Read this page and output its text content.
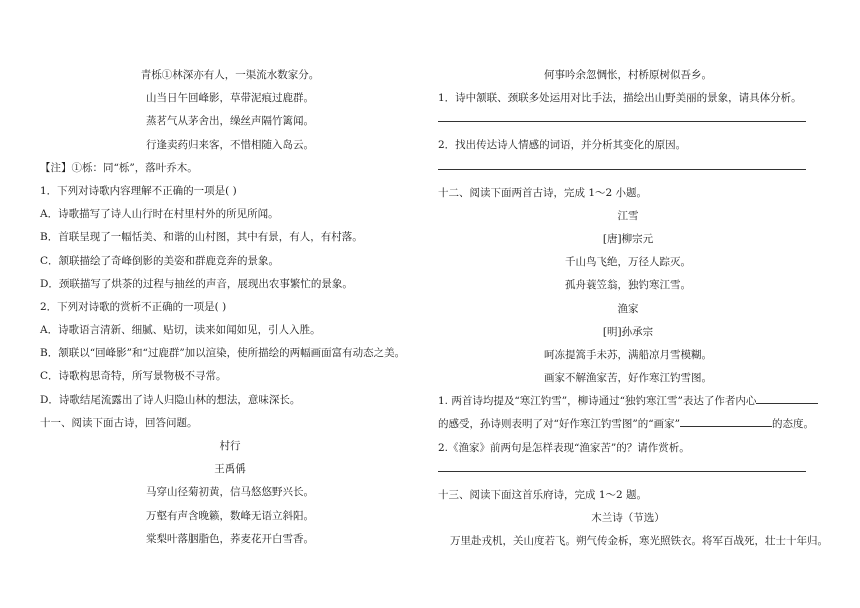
青栎①林深亦有人，一渠流水数家分。
山当日午回峰影，草带泥痕过鹿群。
蒸茗气从茅舍出，缲丝声隔竹篱闻。
行逢卖药归来客，不惜相随入岛云。
【注】①栎：同“栎”，落叶乔木。
1．下列对诗歌内容理解不正确的一项是( )
A．诗歌描写了诗人山行时在村里村外的所见所闻。
B．首联呈现了一幅恬美、和谐的山村图，其中有景，有人，有村落。
C．颔联描绘了奇峰倒影的美姿和群鹿竞奔的景象。
D．颈联描写了烘茶的过程与抽丝的声音，展现出农事繁忙的景象。
2．下列对诗歌的赏析不正确的一项是( )
A．诗歌语言清新、细腻、贴切，读来如闻如见，引人入胜。
B．颔联以“回峰影”和“过鹿群”加以渲染，使所描绘的两幅画面富有动态之美。
C．诗歌构思奇特，所写景物极不寻常。
D．诗歌结尾流露出了诗人归隐山林的想法，意味深长。
十一、阅读下面古诗，回答问题。
村行
王禹偁
马穿山径菊初黄，信马悠悠野兴长。
万壑有声含晚籁，数峰无语立斜阳。
棠梨叶落胭脂色，荞麦花开白雪香。
何事吟余忽惆怅，村桥原树似吾乡。
1．诗中颔联、颈联多处运用对比手法，描绘出山野美丽的景象，请具体分析。
2．找出传达诗人情感的词语，并分析其变化的原因。
十二、阅读下面两首古诗，完成 1～2 小题。
江雪
[唐]柳宗元
千山鸟飞绝，万径人踪灭。
孤舟蓑笠翁，独钓寒江雪。
渔家
[明]孙承宗
呵冻提篙手未苏，满船凉月雪模糊。
画家不解渔家苦，好作寒江钓雪图。
1. 两首诗均提及“寒江钓雪”，柳诗通过“独钓寒江雪”表达了作者内心
的感受，孙诗则表明了对“好作寒江钓雪图”的“画家”	的态度。
2.《渔家》前两句是怎样表现“渔家苦”的？请作赏析。
十三、阅读下面这首乐府诗，完成 1～2 题。
木兰诗（节选）
万里赴戎机，关山度若飞。朔气传金柝，寒光照铁衣。将军百战死，壮士十年归。
